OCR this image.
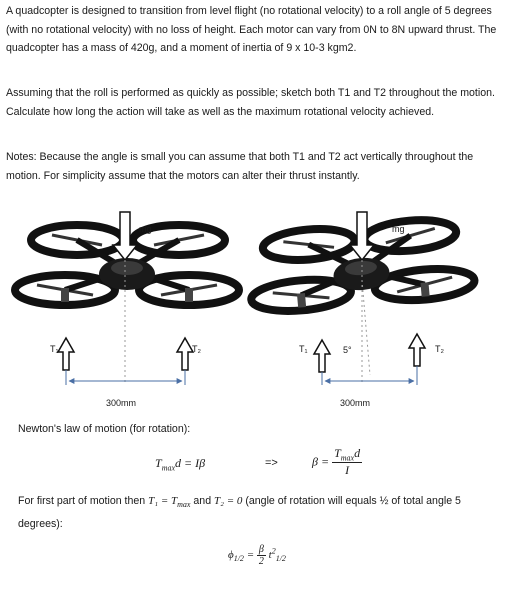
A quadcopter is designed to transition from level flight (no rotational velocity) to a roll angle of 5 degrees (with no rotational velocity) with no loss of height. Each motor can vary from 0N to 8N upward thrust. The quadcopter has a mass of 420g, and a moment of inertia of 9 x 10-3 kgm2.

Assuming that the roll is performed as quickly as possible; sketch both T1 and T2 throughout the motion. Calculate how long the action will take as well as the maximum rotational velocity achieved.

Notes: Because the angle is small you can assume that both T1 and T2 act vertically throughout the motion. For simplicity assume that the motors can alter their thrust instantly.

mg
T₁	T₂
300mm
mg
T₁	5°	T₂
300mm

Newton's law of motion (for rotation):

$T_{max}d = I\beta$	=>	$\beta = \frac{T_{max}d}{I}$
For first part of motion then $T_1 = T_{max}$ and T₂ = 0 (angle of rotation will equals ½ of total angle 5 degrees):
$\phi_{1/2} = \frac{\beta}{2} t^2_{1/2}$
